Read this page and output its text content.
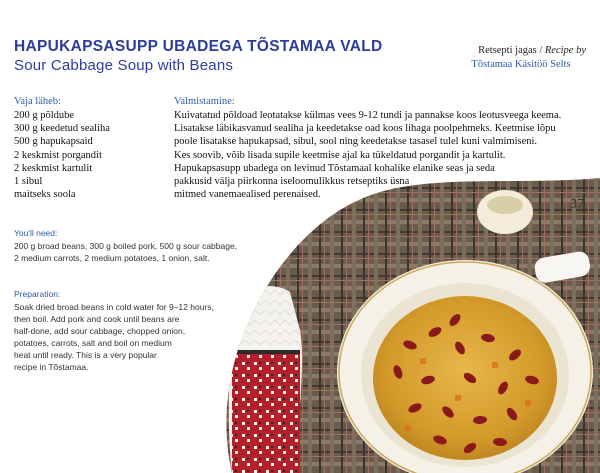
HAPUKAPSASUPP UBADEGA TÕSTAMAA VALD
Sour Cabbage Soup with Beans
Retsepti jagas / Recipe by
Tõstamaa Käsitöö Selts
Vaja läheb:
200 g põldube
300 g keedetud sealiha
500 g hapukapsaid
2 keskmist porgandit
2 keskmist kartulit
1 sibul
maitseks soola
Valmistamine:
Kuivatatud põldoad leotatakse külmas vees 9-12 tundi ja pannakse koos leotusveega keema.
Lisatakse läbikasvanud sealiha ja keedetakse oad koos lihaga poolpehmeks. Keetmise lõpu
poole lisatakse hapukapsad, sibul, sool ning keedetakse tasasel tulel kuni valmimiseni.
Kes soovib, võib lisada supile keetmise ajal ka tükeldatud porgandit ja kartulit.
Hapukapsasupp ubadega on levinud Tõstamaal kohalike elanike seas ja seda
pakkusid välja piirkonna iseloomulikkus retseptiks üsna
mitmed vanemaealised perenaised.
37
You'll need:
200 g broad beans, 300 g boiled pork, 500 g sour cabbage,
2 medium carrots, 2 medium potatoes, 1 onion, salt.
Preparation:
Soak dried broad beans in cold water for 9–12 hours,
then boil. Add pork and cook until beans are
half-done, add sour cabbage, chopped onion,
potatoes, carrots, salt and boil on medium
heat until ready. This is a very popular
recipe in Tõstamaa.
